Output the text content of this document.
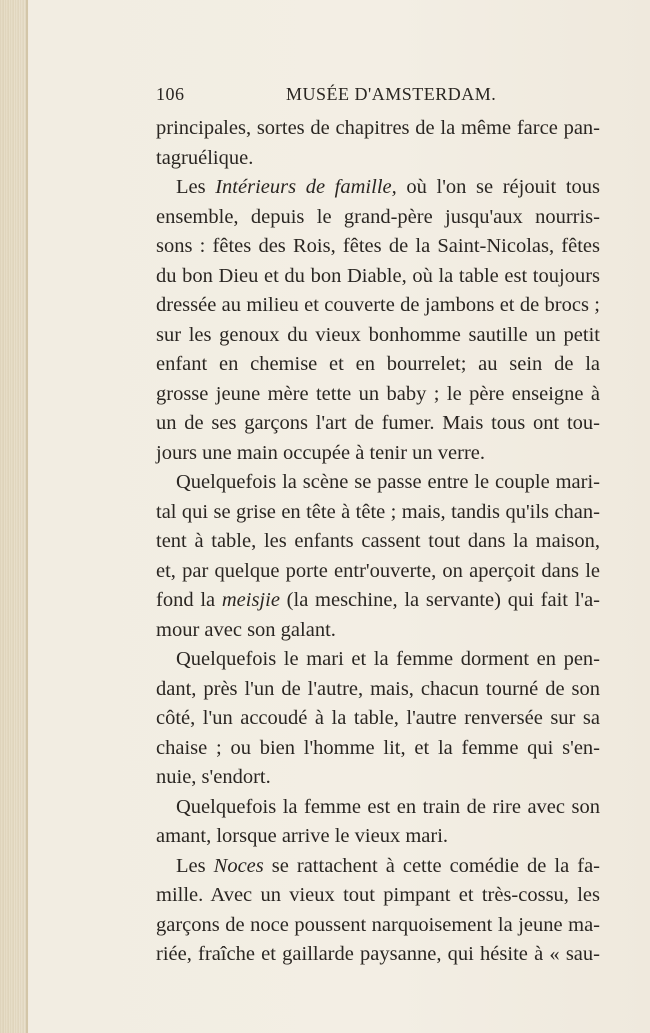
106	MUSÉE D'AMSTERDAM.
principales, sortes de chapitres de la même farce pan-
tagruélique.
Les Intérieurs de famille, où l'on se réjouit tous
ensemble, depuis le grand-père jusqu'aux nourris-
sons : fêtes des Rois, fêtes de la Saint-Nicolas, fêtes
du bon Dieu et du bon Diable, où la table est toujours
dressée au milieu et couverte de jambons et de brocs ;
sur les genoux du vieux bonhomme sautille un petit
enfant en chemise et en bourrelet; au sein de la
grosse jeune mère tette un baby ; le père enseigne à
un de ses garçons l'art de fumer. Mais tous ont tou-
jours une main occupée à tenir un verre.
Quelquefois la scène se passe entre le couple mari-
tal qui se grise en tête à tête ; mais, tandis qu'ils chan-
tent à table, les enfants cassent tout dans la maison,
et, par quelque porte entr'ouverte, on aperçoit dans le
fond la meisjie (la meschine, la servante) qui fait l'a-
mour avec son galant.
Quelquefois le mari et la femme dorment en pen-
dant, près l'un de l'autre, mais, chacun tourné de son
côté, l'un accoudé à la table, l'autre renversée sur sa
chaise ; ou bien l'homme lit, et la femme qui s'en-
nuie, s'endort.
Quelquefois la femme est en train de rire avec son
amant, lorsque arrive le vieux mari.
Les Noces se rattachent à cette comédie de la fa-
mille. Avec un vieux tout pimpant et très-cossu, les
garçons de noce poussent narquoisement la jeune ma-
riée, fraîche et gaillarde paysanne, qui hésite à « sau-
